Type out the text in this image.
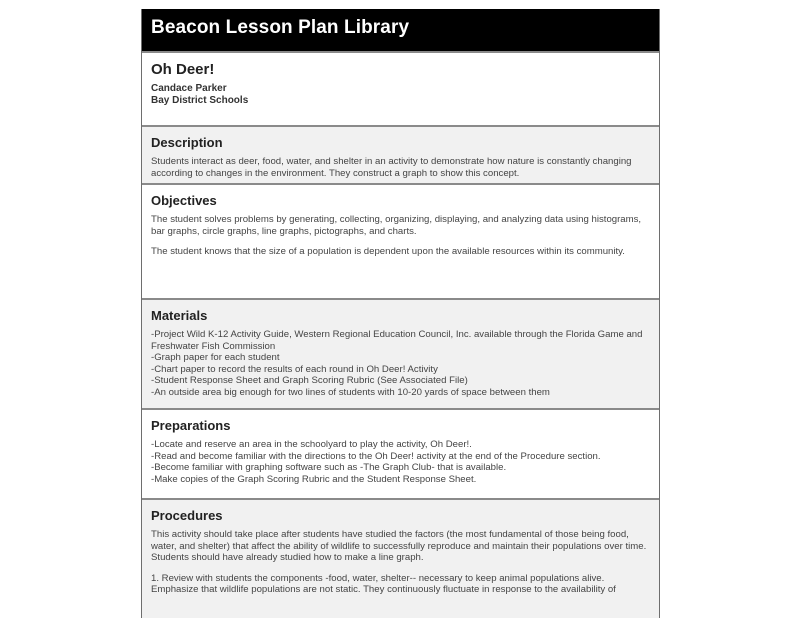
Beacon Lesson Plan Library
Oh Deer!
Candace Parker
Bay District Schools
Description
Students interact as deer, food, water, and shelter in an activity to demonstrate how nature is constantly changing according to changes in the environment. They construct a graph to show this concept.
Objectives

The student solves problems by generating, collecting, organizing, displaying, and analyzing data using histograms, bar graphs, circle graphs, line graphs, pictographs, and charts.

The student knows that the size of a population is dependent upon the available resources within its community.

Materials
-Project Wild K-12 Activity Guide, Western Regional Education Council, Inc. available through the Florida Game and Freshwater Fish Commission
-Graph paper for each student
-Chart paper to record the results of each round in Oh Deer! Activity
-Student Response Sheet and Graph Scoring Rubric (See Associated File)
-An outside area big enough for two lines of students with 10-20 yards of space between them
Preparations
-Locate and reserve an area in the schoolyard to play the activity, Oh Deer!.
-Read and become familiar with the directions to the Oh Deer! activity at the end of the Procedure section.
-Become familiar with graphing software such as -The Graph Club- that is available.
-Make copies of the Graph Scoring Rubric and the Student Response Sheet.
Procedures

This activity should take place after students have studied the factors (the most fundamental of those being food, water, and shelter) that affect the ability of wildlife to successfully reproduce and maintain their populations over time. Students should have already studied how to make a line graph.

1. Review with students the components -food, water, shelter-- necessary to keep animal populations alive. Emphasize that wildlife populations are not static. They continuously fluctuate in response to the availability of
